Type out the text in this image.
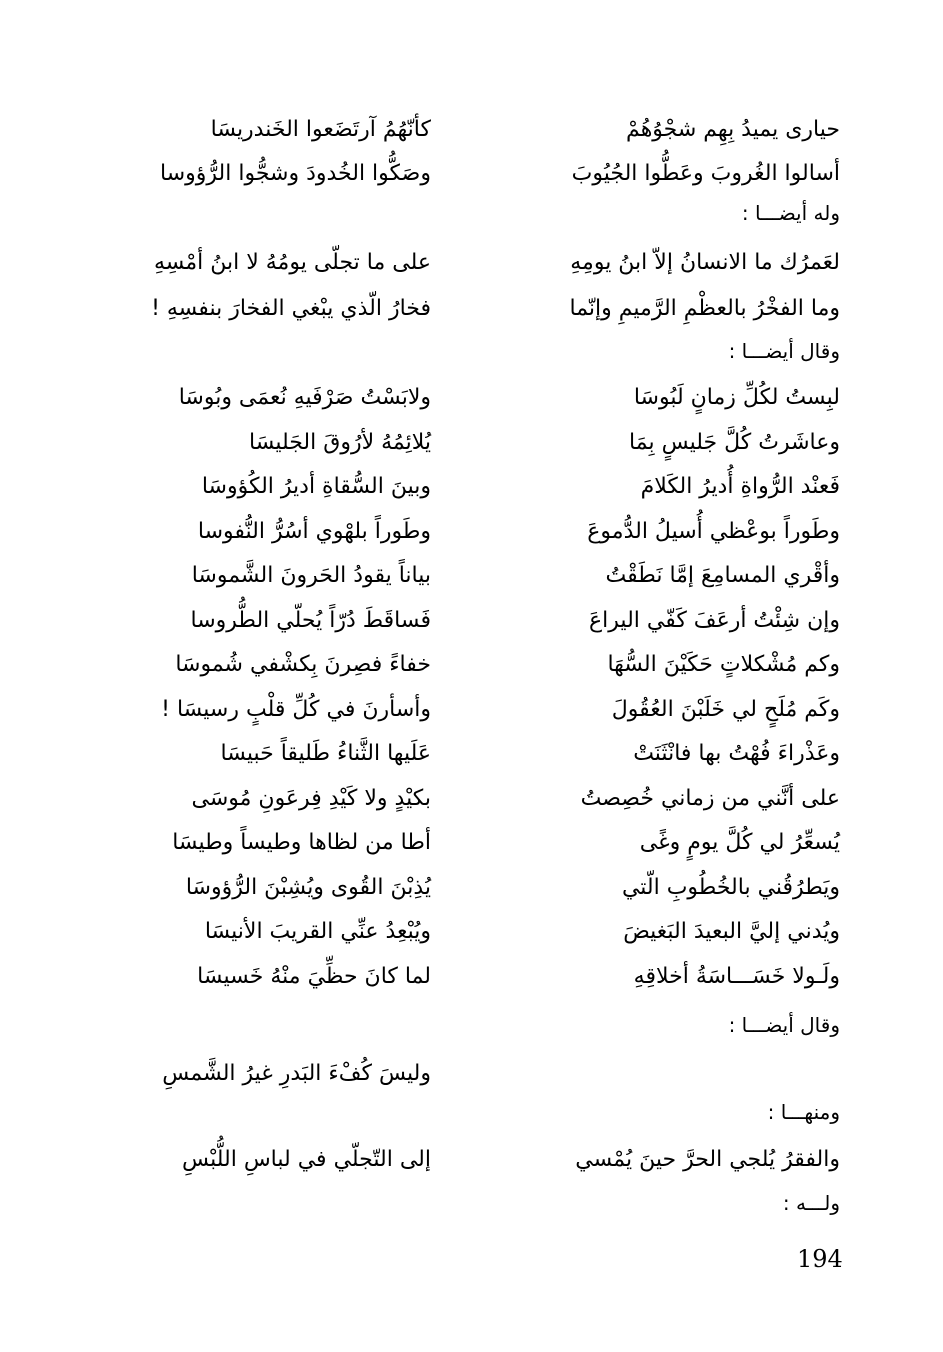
حيارى يميدُ بِهِم شجْوُهُمْ
أسالوا الغُروبَ وعَطُّوا الجُيُوبَ
كأنّهُمُ آرتَضَعوا الخَندريسَا
وصَكُّوا الخُدودَ وشجُّوا الرُّؤوسا
وله أيضـــا :
لعَمرُك ما الانسانُ إلاّ ابنُ يومِهِ
وما الفخْرُ بالعظْمِ الرَّميمِ وإنّما
على ما تجلّى يومُهُ لا ابنُ أمْسِهِ
فخارُ الّذي يبْغي الفخارَ بنفسِهِ !
وقال أيضـــا :
لبِستُ لكُلِّ زمانٍ لَبُوسَا
وعاشَرتُ كُلَّ جَليسٍ بِمَا
فَعنْد الرُّواةِ أُديرُ الكَلامَ
وطَوراً بوعْظي أُسيلُ الدُّموعَ
وأقْري المسامِعَ إمَّا نَطَقْتُ
وإن شِئْتُ أرعَفَ كَفّي اليراعَ
وكم مُشْكلاتٍ حَكَيْنَ السُّهَا
وكَم مُلَحٍ لي خَلَبْنَ العُقُولَ
وعَذْراءَ فُهْتُ بها فانْثَنَتْ
على أنَّني من زماني خُصِصتُ
يُسعِّرُ لي كُلَّ يومٍ وغًى
ويَطرُقُني بالخُطُوبِ الّتي
ويُدني إليَّ البعيدَ البَغيضَ
ولَـولا خَسَـــاسَةُ أخلاقِهِ
ولابَسْتُ صَرْفَيهِ نُعمَى وبُوسَا
يُلائِمُهُ لأرُوقَ الجَليسَا
وبينَ السُّقاةِ أديرُ الكُؤوسَا
وطَوراً بلهْوي أسُرُّ النُّفوسا
بياناً يقودُ الحَرونَ الشَّموسَا
فَساقَطَ دُرّاً يُحلّي الطُّروسا
خفاءً فصِرنَ بِكشْفي شُموسَا
وأسأرنَ في كُلِّ قلْبٍ رسيسَا !
عَلَيها الثَّناءُ طَليقاً حَبيسَا
بكيْدٍ ولا كَيْدِ فِرعَونِ مُوسَى
أطا من لظاها وطيساً وطيسَا
يُذِبْنَ القُوى ويُشِبْنَ الرُّؤوسَا
ويُبْعِدُ عنِّي القريبَ الأنيسَا
لما كانَ حظِّيَ منْهُ خَسيسَا
وقال أيضـــا :
وليسَ كُفْءَ البَدرِ غيرُ الشَّمسِ
ومنهـــا :
والفقرُ يُلجي الحرَّ حينَ يُمْسي
إلى التّجلّي في لباسِ اللُّبْسِ
ولـــه :
194
